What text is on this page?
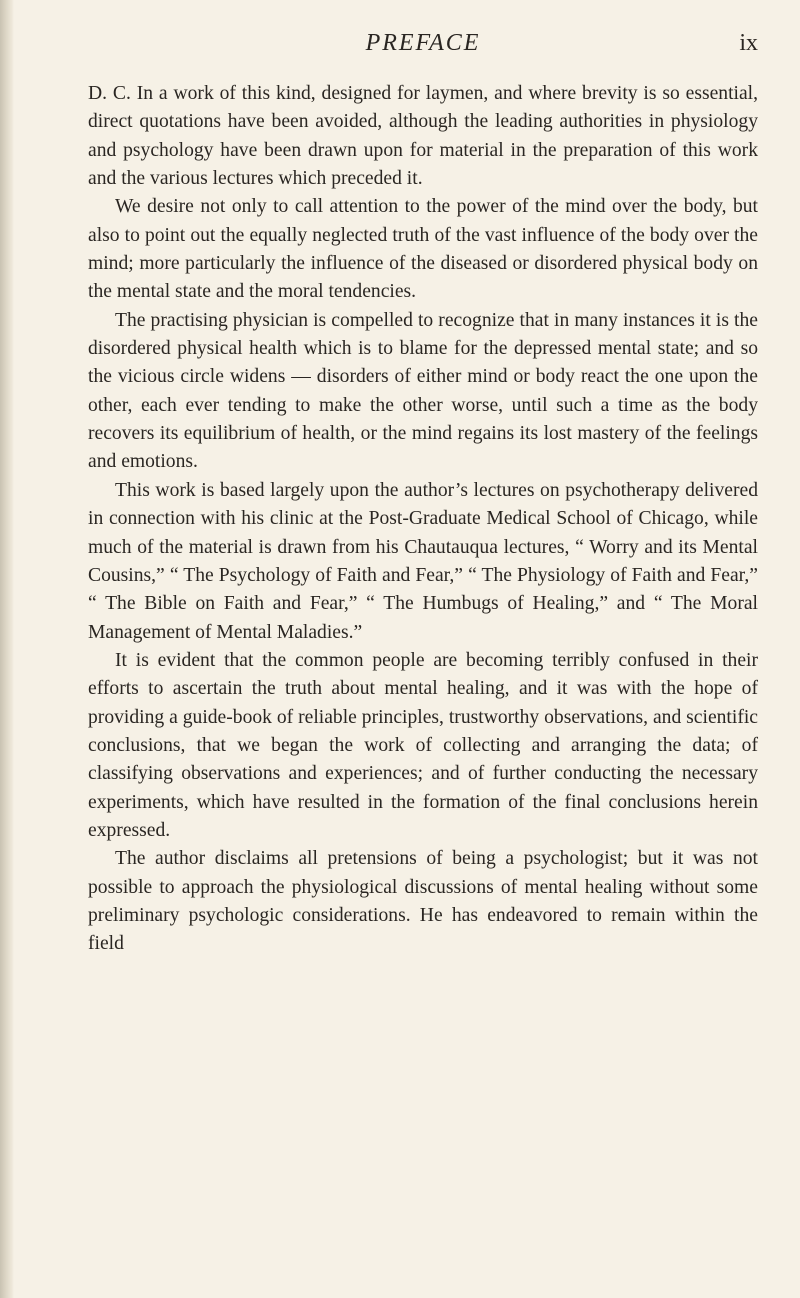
PREFACE	ix

D. C. In a work of this kind, designed for laymen, and where brevity is so essential, direct quotations have been avoided, although the leading authorities in physiology and psychology have been drawn upon for material in the preparation of this work and the various lectures which preceded it.

We desire not only to call attention to the power of the mind over the body, but also to point out the equally neglected truth of the vast influence of the body over the mind; more particularly the influence of the diseased or disordered physical body on the mental state and the moral tendencies.

The practising physician is compelled to recognize that in many instances it is the disordered physical health which is to blame for the depressed mental state; and so the vicious circle widens — disorders of either mind or body react the one upon the other, each ever tending to make the other worse, until such a time as the body recovers its equilibrium of health, or the mind regains its lost mastery of the feelings and emotions.

This work is based largely upon the author’s lectures on psychotherapy delivered in connection with his clinic at the Post-Graduate Medical School of Chicago, while much of the material is drawn from his Chautauqua lectures, “ Worry and its Mental Cousins,” “ The Psychology of Faith and Fear,” “ The Physiology of Faith and Fear,” “ The Bible on Faith and Fear,” “ The Humbugs of Healing,” and “ The Moral Management of Mental Maladies.”

It is evident that the common people are becoming terribly confused in their efforts to ascertain the truth about mental healing, and it was with the hope of providing a guide-book of reliable principles, trustworthy observations, and scientific conclusions, that we began the work of collecting and arranging the data; of classifying observations and experiences; and of further conducting the necessary experiments, which have resulted in the formation of the final conclusions herein expressed.

The author disclaims all pretensions of being a psychologist; but it was not possible to approach the physiological discussions of mental healing without some preliminary psychologic considerations. He has endeavored to remain within the field
